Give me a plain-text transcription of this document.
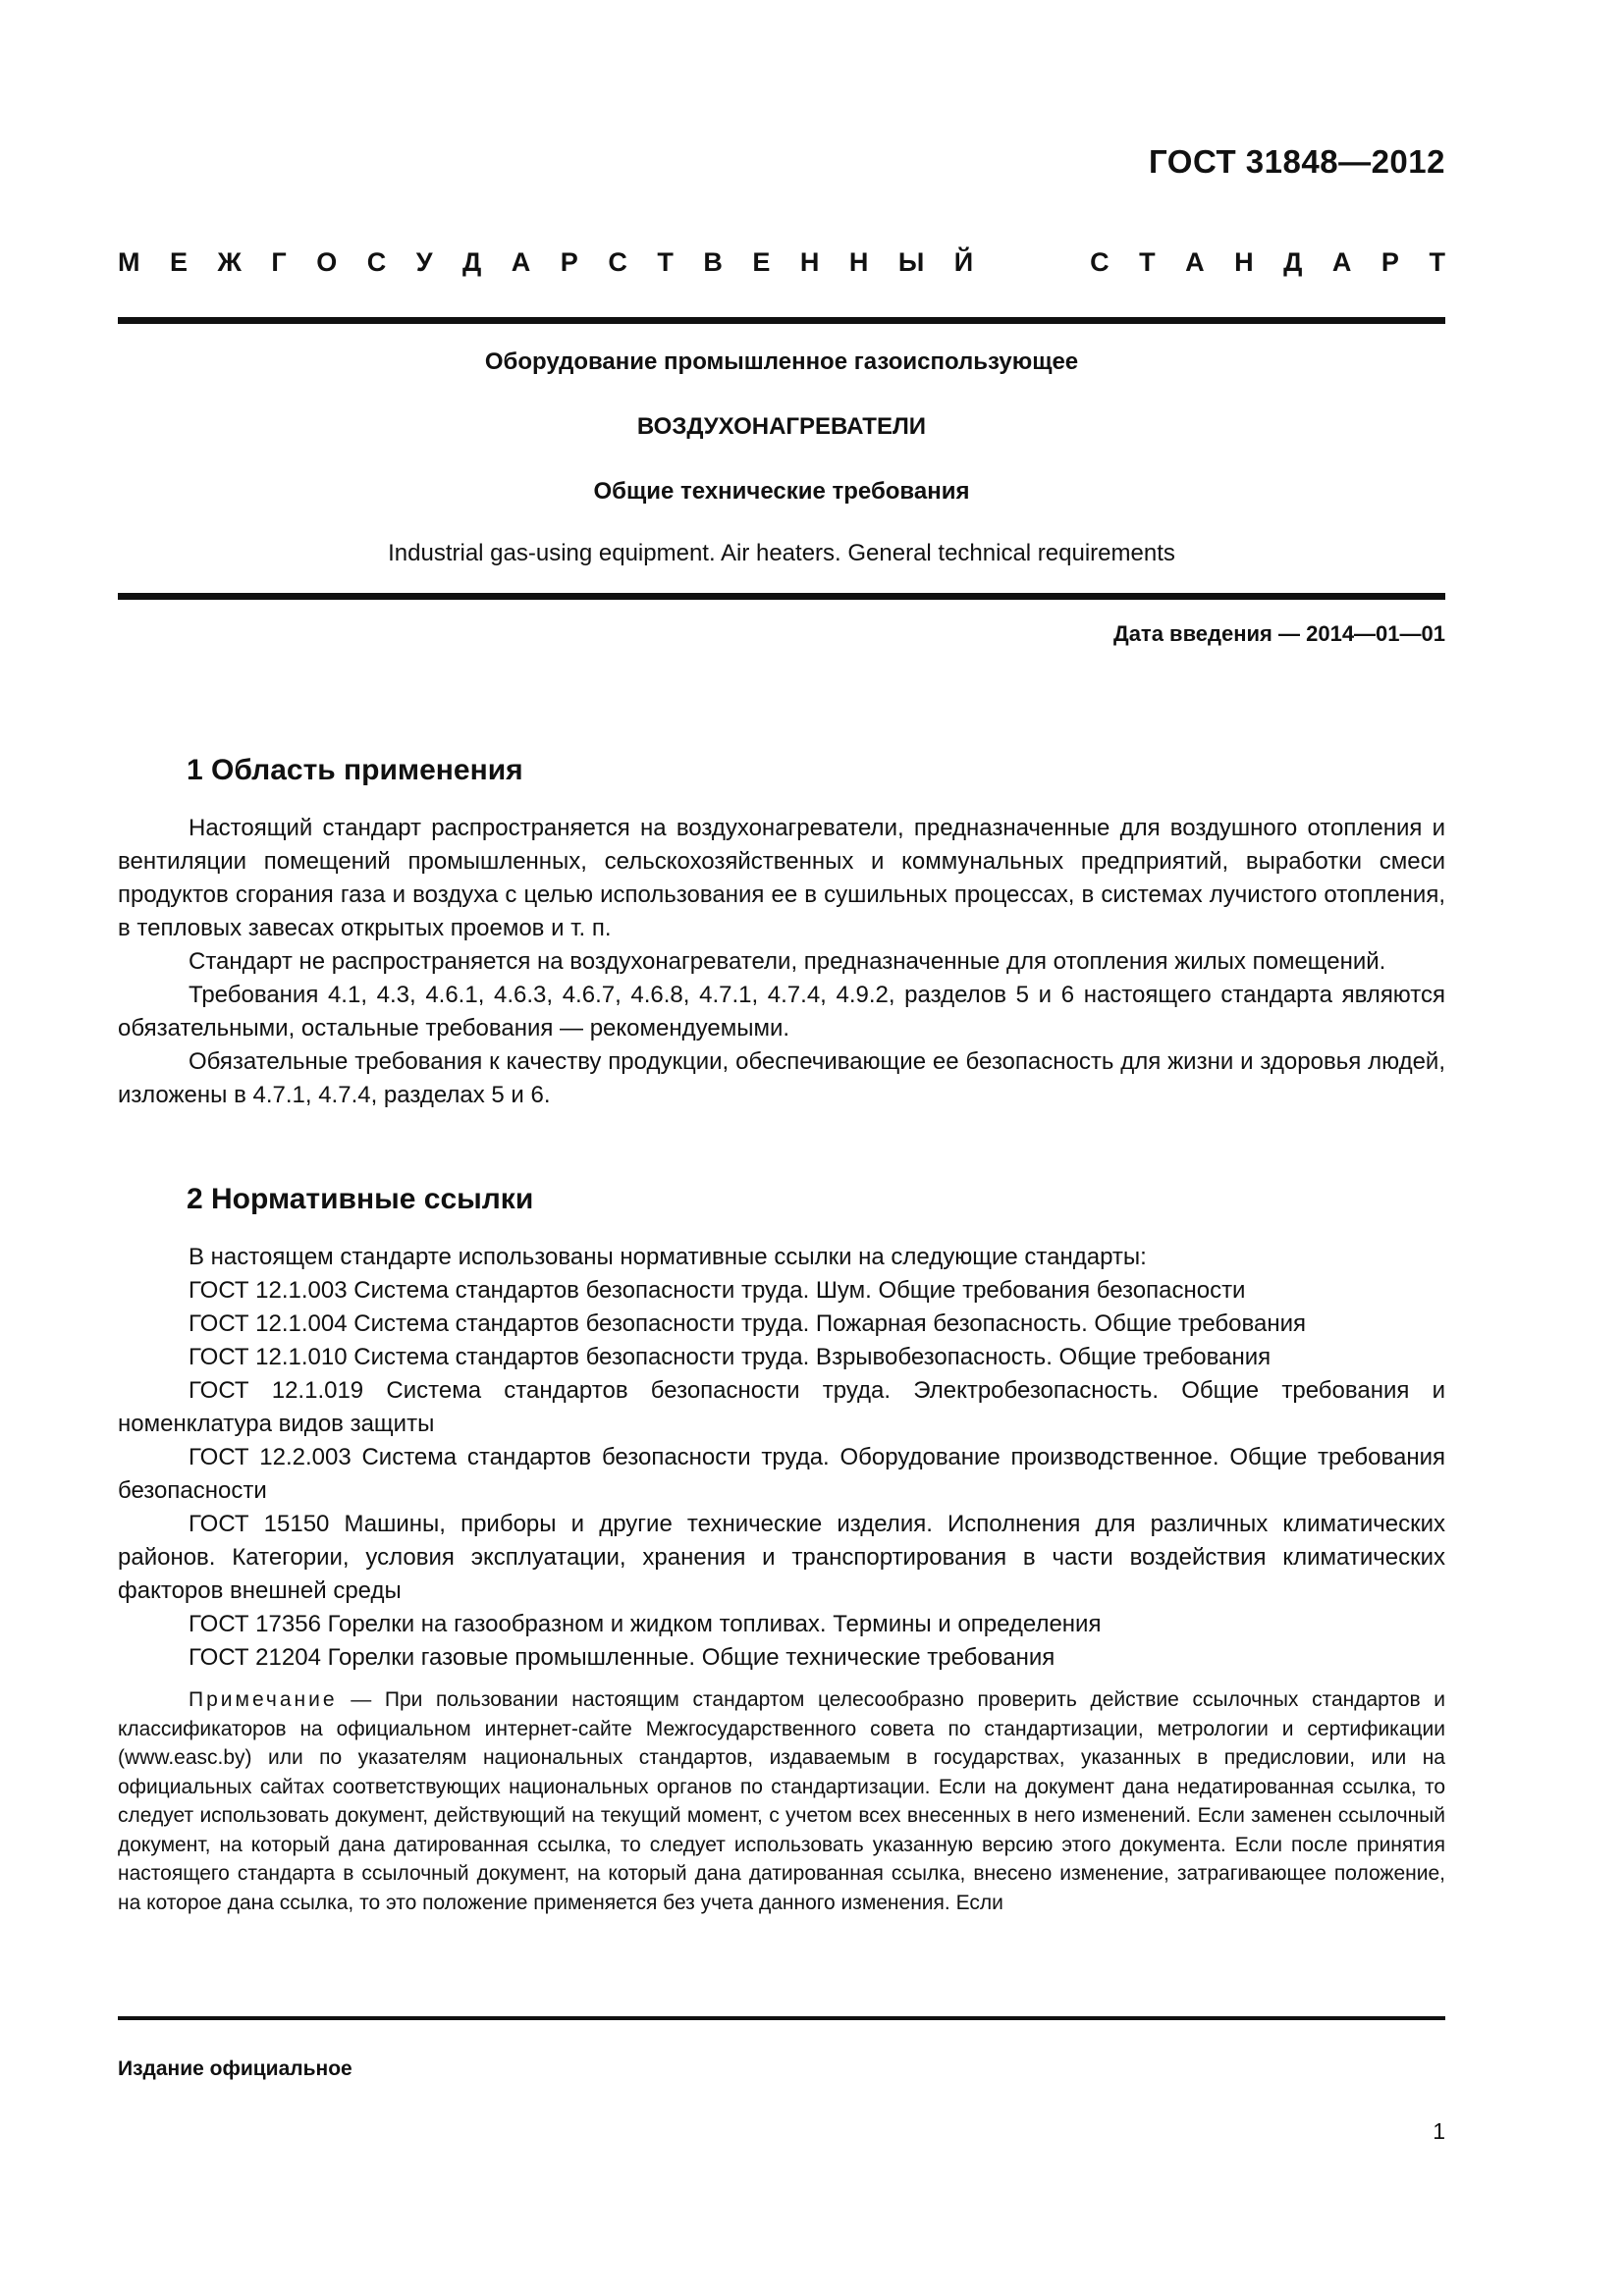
ГОСТ 31848—2012
М Е Ж Г О С У Д А Р С Т В Е Н Н Ы Й	С Т А Н Д А Р Т
Оборудование промышленное газоиспользующее
ВОЗДУХОНАГРЕВАТЕЛИ
Общие технические требования
Industrial gas-using equipment. Air heaters. General technical requirements
Дата введения — 2014—01—01
1 Область применения

Настоящий стандарт распространяется на воздухонагреватели, предназначенные для воздушного отопления и вентиляции помещений промышленных, сельскохозяйственных и коммунальных предприятий, выработки смеси продуктов сгорания газа и воздуха с целью использования ее в сушильных процессах, в системах лучистого отопления, в тепловых завесах открытых проемов и т. п.

Стандарт не распространяется на воздухонагреватели, предназначенные для отопления жилых помещений.

Требования 4.1, 4.3, 4.6.1, 4.6.3, 4.6.7, 4.6.8, 4.7.1, 4.7.4, 4.9.2, разделов 5 и 6 настоящего стандарта являются обязательными, остальные требования — рекомендуемыми.

Обязательные требования к качеству продукции, обеспечивающие ее безопасность для жизни и здоровья людей, изложены в 4.7.1, 4.7.4, разделах 5 и 6.

2 Нормативные ссылки

В настоящем стандарте использованы нормативные ссылки на следующие стандарты:

ГОСТ 12.1.003 Система стандартов безопасности труда. Шум. Общие требования безопасности

ГОСТ 12.1.004 Система стандартов безопасности труда. Пожарная безопасность. Общие требования

ГОСТ 12.1.010 Система стандартов безопасности труда. Взрывобезопасность. Общие требования

ГОСТ 12.1.019 Система стандартов безопасности труда. Электробезопасность. Общие требования и номенклатура видов защиты

ГОСТ 12.2.003 Система стандартов безопасности труда. Оборудование производственное. Общие требования безопасности

ГОСТ 15150 Машины, приборы и другие технические изделия. Исполнения для различных климатических районов. Категории, условия эксплуатации, хранения и транспортирования в части воздействия климатических факторов внешней среды

ГОСТ 17356 Горелки на газообразном и жидком топливах. Термины и определения

ГОСТ 21204 Горелки газовые промышленные. Общие технические требования

Примечание — При пользовании настоящим стандартом целесообразно проверить действие ссылочных стандартов и классификаторов на официальном интернет-сайте Межгосударственного совета по стандартизации, метрологии и сертификации (www.easc.by) или по указателям национальных стандартов, издаваемым в государствах, указанных в предисловии, или на официальных сайтах соответствующих национальных органов по стандартизации. Если на документ дана недатированная ссылка, то следует использовать документ, действующий на текущий момент, с учетом всех внесенных в него изменений. Если заменен ссылочный документ, на который дана датированная ссылка, то следует использовать указанную версию этого документа. Если после принятия настоящего стандарта в ссылочный документ, на который дана датированная ссылка, внесено изменение, затрагивающее положение, на которое дана ссылка, то это положение применяется без учета данного изменения. Если
Издание официальное
1
